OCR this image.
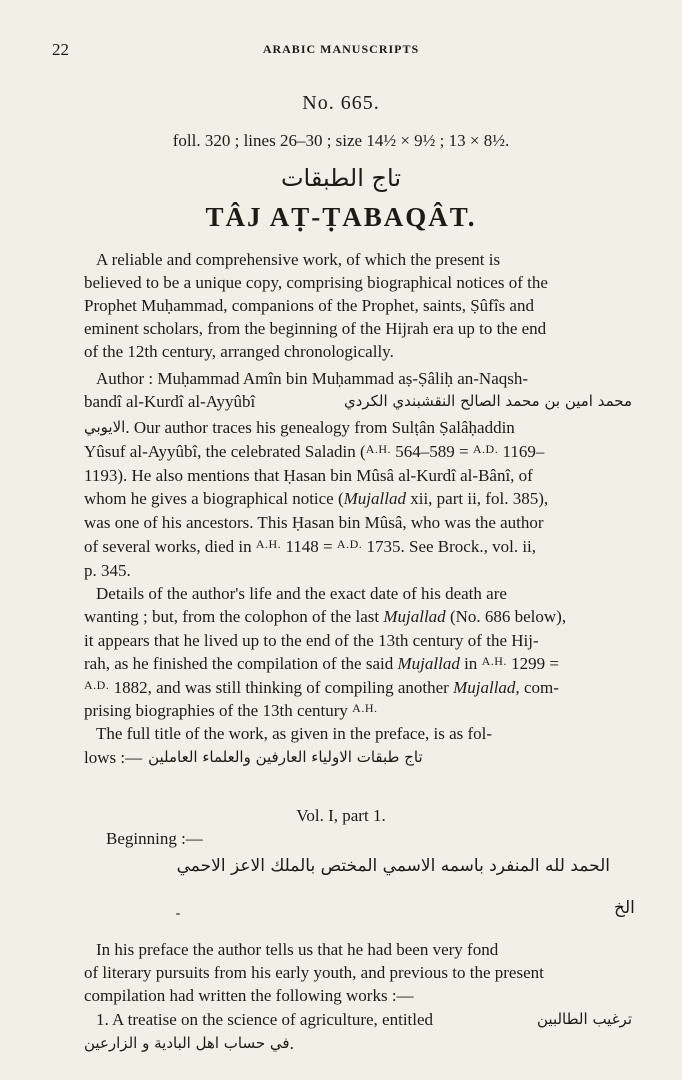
22	ARABIC MANUSCRIPTS
No. 665.
foll. 320 ; lines 26–30 ; size 14½ × 9½ ; 13 × 8½.
تاج الطبقات
TÂJ AṬ-ṬABAQÂT.
A reliable and comprehensive work, of which the present is
believed to be a unique copy, comprising biographical notices of the
Prophet Muḥammad, companions of the Prophet, saints, Ṣûfîs and
eminent scholars, from the beginning of the Hijrah era up to the end
of the 12th century, arranged chronologically.
Author : Muḥammad Amîn bin Muḥammad aṣ-Ṣâliḥ an-Naqsh-
bandî al-Kurdî al-Ayyûbî	محمد امين بن محمد الصالح النقشبندي الكردي
الايوبي . Our author traces his genealogy from Sulṭân Ṣalâḥaddin
Yûsuf al-Ayyûbî, the celebrated Saladin ( A.H. 564–589 = A.D. 1169–
1193). He also mentions that Ḥasan bin Mûsâ al-Kurdî al-Bânî, of
whom he gives a biographical notice ( Mujallad xii, part ii, fol. 385),
was one of his ancestors. This Ḥasan bin Mûsâ, who was the author
of several works, died in A.H. 1148 = A.D. 1735. See Brock., vol. ii,
p. 345.
Details of the author's life and the exact date of his death are
wanting ; but, from the colophon of the last Mujallad (No. 686 below),
it appears that he lived up to the end of the 13th century of the Hij-
rah, as he finished the compilation of the said Mujallad in A.H. 1299 =
A.D. 1882, and was still thinking of compiling another Mujallad, com-
prising biographies of the 13th century A.H.
The full title of the work, as given in the preface, is as fol-
lows :— تاج طبقات الاولياء العارفين والعلماء العاملين
Vol. I, part 1.
Beginning :—
الحمد لله المنفرد باسمه الاسمي المختص بالملك الاعز الاحمي
الخ
In his preface the author tells us that he had been very fond
of literary pursuits from his early youth, and previous to the present
compilation had written the following works :—
1. A treatise on the science of agriculture, entitled	ترغيب الطالبين
في حساب اهل البادية و الزارعين .
